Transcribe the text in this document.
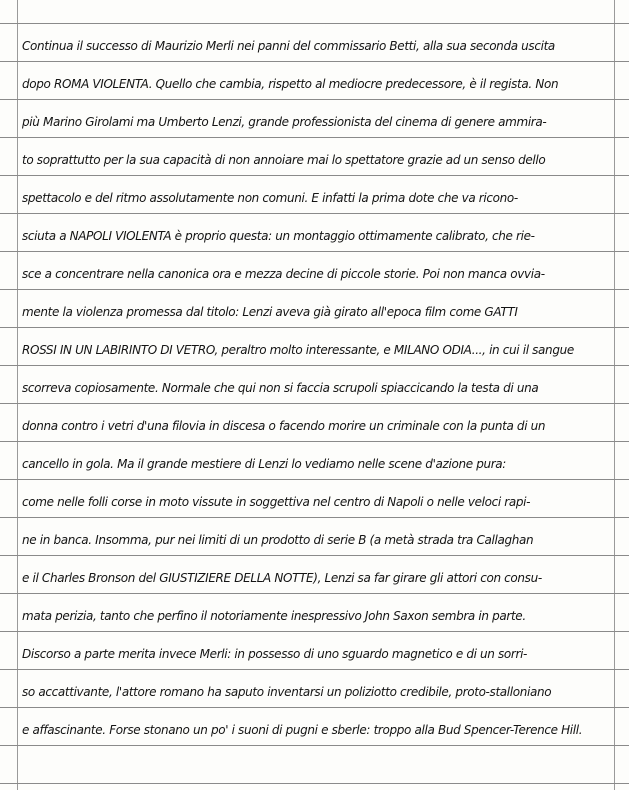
Continua il successo di Maurizio Merli nei panni del commissario Betti, alla sua seconda uscita
dopo ROMA VIOLENTA. Quello che cambia, rispetto al mediocre predecessore, è il regista. Non
più Marino Girolami ma Umberto Lenzi, grande professionista del cinema di genere ammira-
to soprattutto per la sua capacità di non annoiare mai lo spettatore grazie ad un senso dello
spettacolo e del ritmo assolutamente non comuni. E infatti la prima dote che va ricono-
sciuta a NAPOLI VIOLENTA è proprio questa: un montaggio ottimamente calibrato, che rie-
sce a concentrare nella canonica ora e mezza decine di piccole storie. Poi non manca ovvia-
mente la violenza promessa dal titolo: Lenzi aveva già girato all'epoca film come GATTI
ROSSI IN UN LABIRINTO DI VETRO, peraltro molto interessante, e MILANO ODIA..., in cui il sangue
scorreva copiosamente. Normale che qui non si faccia scrupoli spiaccicando la testa di una
donna contro i vetri d'una filovia in discesa o facendo morire un criminale con la punta di un
cancello in gola. Ma il grande mestiere di Lenzi lo vediamo nelle scene d'azione pura:
come nelle folli corse in moto vissute in soggettiva nel centro di Napoli o nelle veloci rapi-
ne in banca. Insomma, pur nei limiti di un prodotto di serie B (a metà strada tra Callaghan
e il Charles Bronson del GIUSTIZIERE DELLA NOTTE), Lenzi sa far girare gli attori con consu-
mata perizia, tanto che perfino il notoriamente inespressivo John Saxon sembra in parte.
Discorso a parte merita invece Merli: in possesso di uno sguardo magnetico e di un sorri-
so accattivante, l'attore romano ha saputo inventarsi un poliziotto credibile, proto-stalloniano
e affascinante. Forse stonano un po' i suoni di pugni e sberle: troppo alla Bud Spencer-Terence Hill.
